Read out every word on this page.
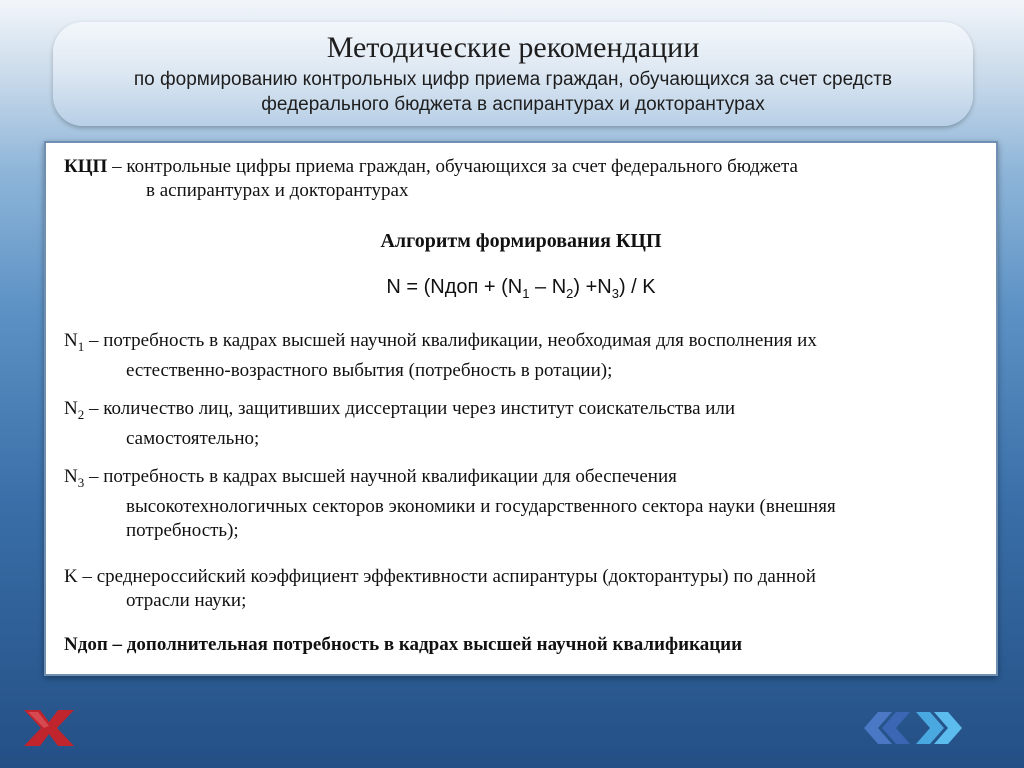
Методические рекомендации
по формированию контрольных цифр приема граждан, обучающихся за счет средств
федерального бюджета в аспирантурах и докторантурах
КЦП – контрольные цифры приема граждан, обучающихся за счет федерального бюджета
в аспирантурах и докторантурах
Алгоритм формирования КЦП
N = (Nдоп + $(N_1 - N_2) +N_3) / K$
$N_1$ – потребность в кадрах высшей научной квалификации, необходимая для восполнения их
естественно-возрастного выбытия (потребность в ротации);
$N_2$ – количество лиц, защитивших диссертации через институт соискательства или
самостоятельно;
$N_3$ – потребность в кадрах высшей научной квалификации для обеспечения
высокотехнологичных секторов экономики и государственного сектора науки (внешняя
потребность);
K – среднероссийский коэффициент эффективности аспирантуры (докторантуры) по данной
отрасли науки;
Nдоп – дополнительная потребность в кадрах высшей научной квалификации
